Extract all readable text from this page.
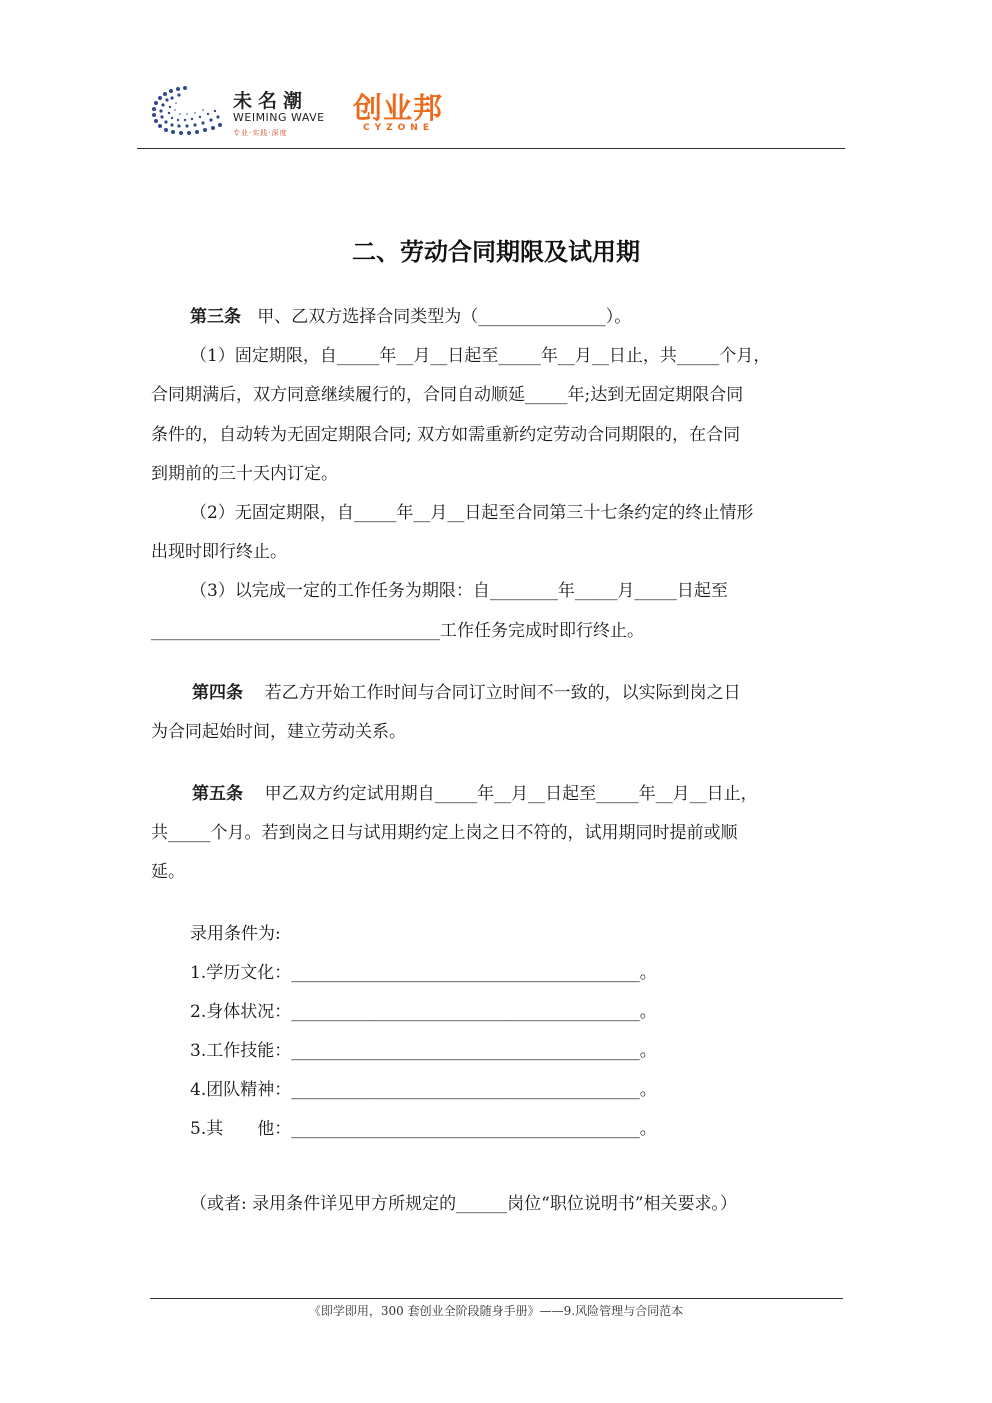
未名潮
WEIMING WAVE
专业·实践·深度
创业邦
CYZONE
二、劳动合同期限及试用期
第三条 甲、乙双方选择合同类型为（_______________）。
（1）固定期限，自_____年__月__日起至_____年__月__日止，共_____个月，
合同期满后，双方同意继续履行的，合同自动顺延_____年;达到无固定期限合同
条件的，自动转为无固定期限合同; 双方如需重新约定劳动合同期限的，在合同
到期前的三十天内订定。
（2）无固定期限，自_____年__月__日起至合同第三十七条约定的终止情形
出现时即行终止。
（3）以完成一定的工作任务为期限：自________年_____月_____日起至
__________________________________工作任务完成时即行终止。
第四条 若乙方开始工作时间与合同订立时间不一致的，以实际到岗之日
为合同起始时间，建立劳动关系。
第五条 甲乙双方约定试用期自_____年__月__日起至_____年__月__日止，
共_____个月。若到岗之日与试用期约定上岗之日不符的，试用期同时提前或顺
延。
录用条件为:
1.学历文化：_________________________________________。
2.身体状况：_________________________________________。
3.工作技能：_________________________________________。
4.团队精神：_________________________________________。
5.其　　他：_________________________________________。
（或者: 录用条件详见甲方所规定的______岗位“职位说明书”相关要求。）
《即学即用，300 套创业全阶段随身手册》——9.风险管理与合同范本
